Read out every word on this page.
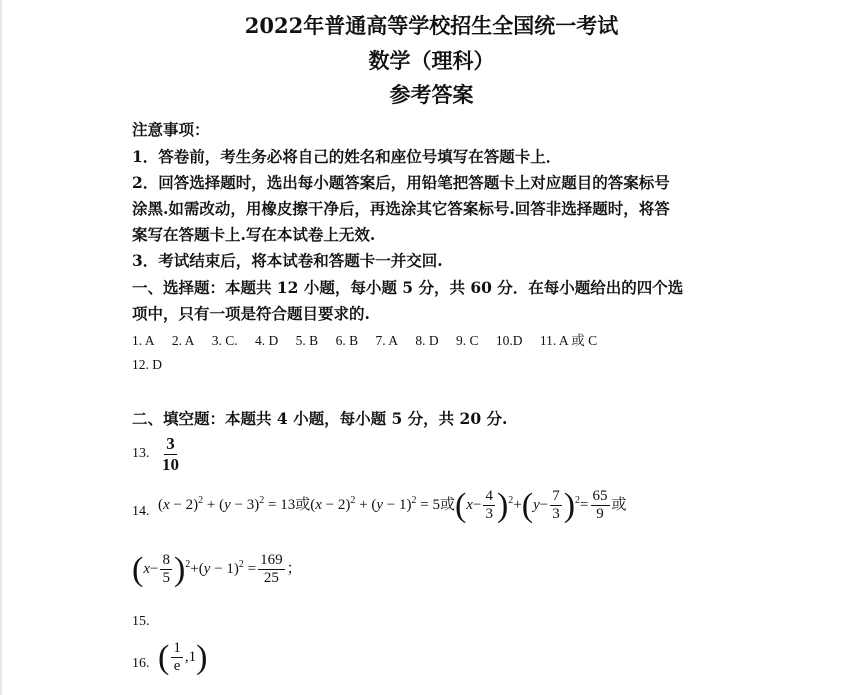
2022年普通高等学校招生全国统一考试
数学（理科）
参考答案
注意事项：
1．答卷前，考生务必将自己的姓名和座位号填写在答题卡上．
2．回答选择题时，选出每小题答案后，用铅笔把答题卡上对应题目的答案标号
涂黑.如需改动，用橡皮擦干净后，再选涂其它答案标号.回答非选择题时，将答
案写在答题卡上.写在本试卷上无效.
3．考试结束后，将本试卷和答题卡一并交回.
一、选择题：本题共 12 小题，每小题 5 分，共 60 分．在每小题给出的四个选
项中，只有一项是符合题目要求的.
1. A 2. A 3. C. 4. D 5. B 6. B 7. A 8. D 9. C 10.D 11. A 或 C
12. D
二、填空题：本题共 4 小题，每小题 5 分，共 20 分.
13. $\frac{3}{10}$
14. $(x - 2)^2 + (y - 3)^2 = 13$或$(x - 2)^2 + (y - 1)^2 = 5$或$(x- \frac{4}{3} )^2+(y- \frac{7}{3} )^2= \frac{65}{9}$ 或
$(x- \frac{8}{5} )^2+(y - 1)^2 = \frac{169}{25}$ ；
15.
16. ( $\frac{1}{e} ,1$)
